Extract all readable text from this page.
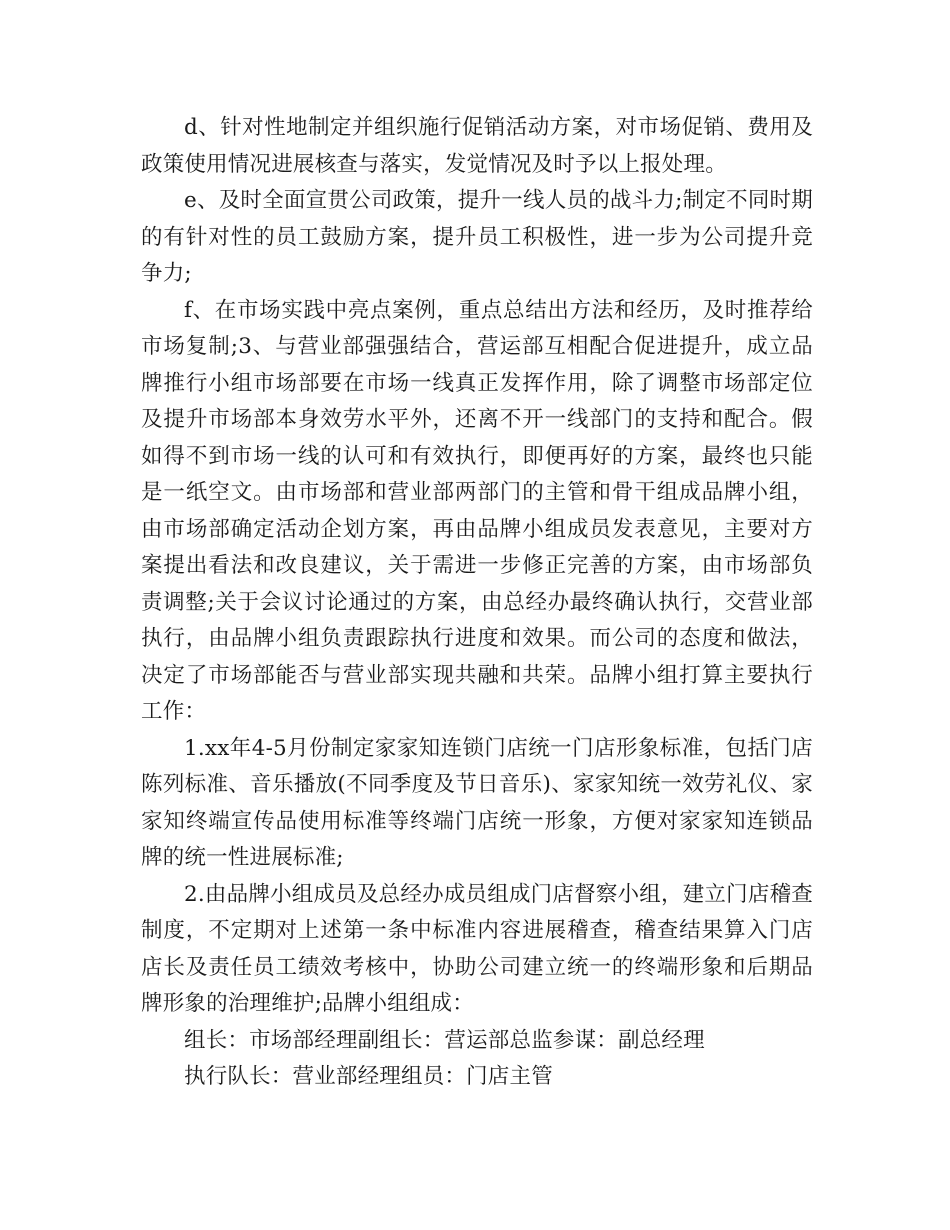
d、针对性地制定并组织施行促销活动方案，对市场促销、费用及政策使用情况进展核查与落实，发觉情况及时予以上报处理。

e、及时全面宣贯公司政策，提升一线人员的战斗力;制定不同时期的有针对性的员工鼓励方案，提升员工积极性，进一步为公司提升竞争力;

f、在市场实践中亮点案例，重点总结出方法和经历，及时推荐给市场复制;3、与营业部强强结合，营运部互相配合促进提升，成立品牌推行小组市场部要在市场一线真正发挥作用，除了调整市场部定位及提升市场部本身效劳水平外，还离不开一线部门的支持和配合。假如得不到市场一线的认可和有效执行，即便再好的方案，最终也只能是一纸空文。由市场部和营业部两部门的主管和骨干组成品牌小组，由市场部确定活动企划方案，再由品牌小组成员发表意见，主要对方案提出看法和改良建议，关于需进一步修正完善的方案，由市场部负责调整;关于会议讨论通过的方案，由总经办最终确认执行，交营业部执行，由品牌小组负责跟踪执行进度和效果。而公司的态度和做法，决定了市场部能否与营业部实现共融和共荣。品牌小组打算主要执行工作：

1.xx年4-5月份制定家家知连锁门店统一门店形象标准，包括门店陈列标准、音乐播放(不同季度及节日音乐)、家家知统一效劳礼仪、家家知终端宣传品使用标准等终端门店统一形象，方便对家家知连锁品牌的统一性进展标准;

2.由品牌小组成员及总经办成员组成门店督察小组，建立门店稽查制度，不定期对上述第一条中标准内容进展稽查，稽查结果算入门店店长及责任员工绩效考核中，协助公司建立统一的终端形象和后期品牌形象的治理维护;品牌小组组成：

组长：市场部经理副组长：营运部总监参谋：副总经理

执行队长：营业部经理组员：门店主管
